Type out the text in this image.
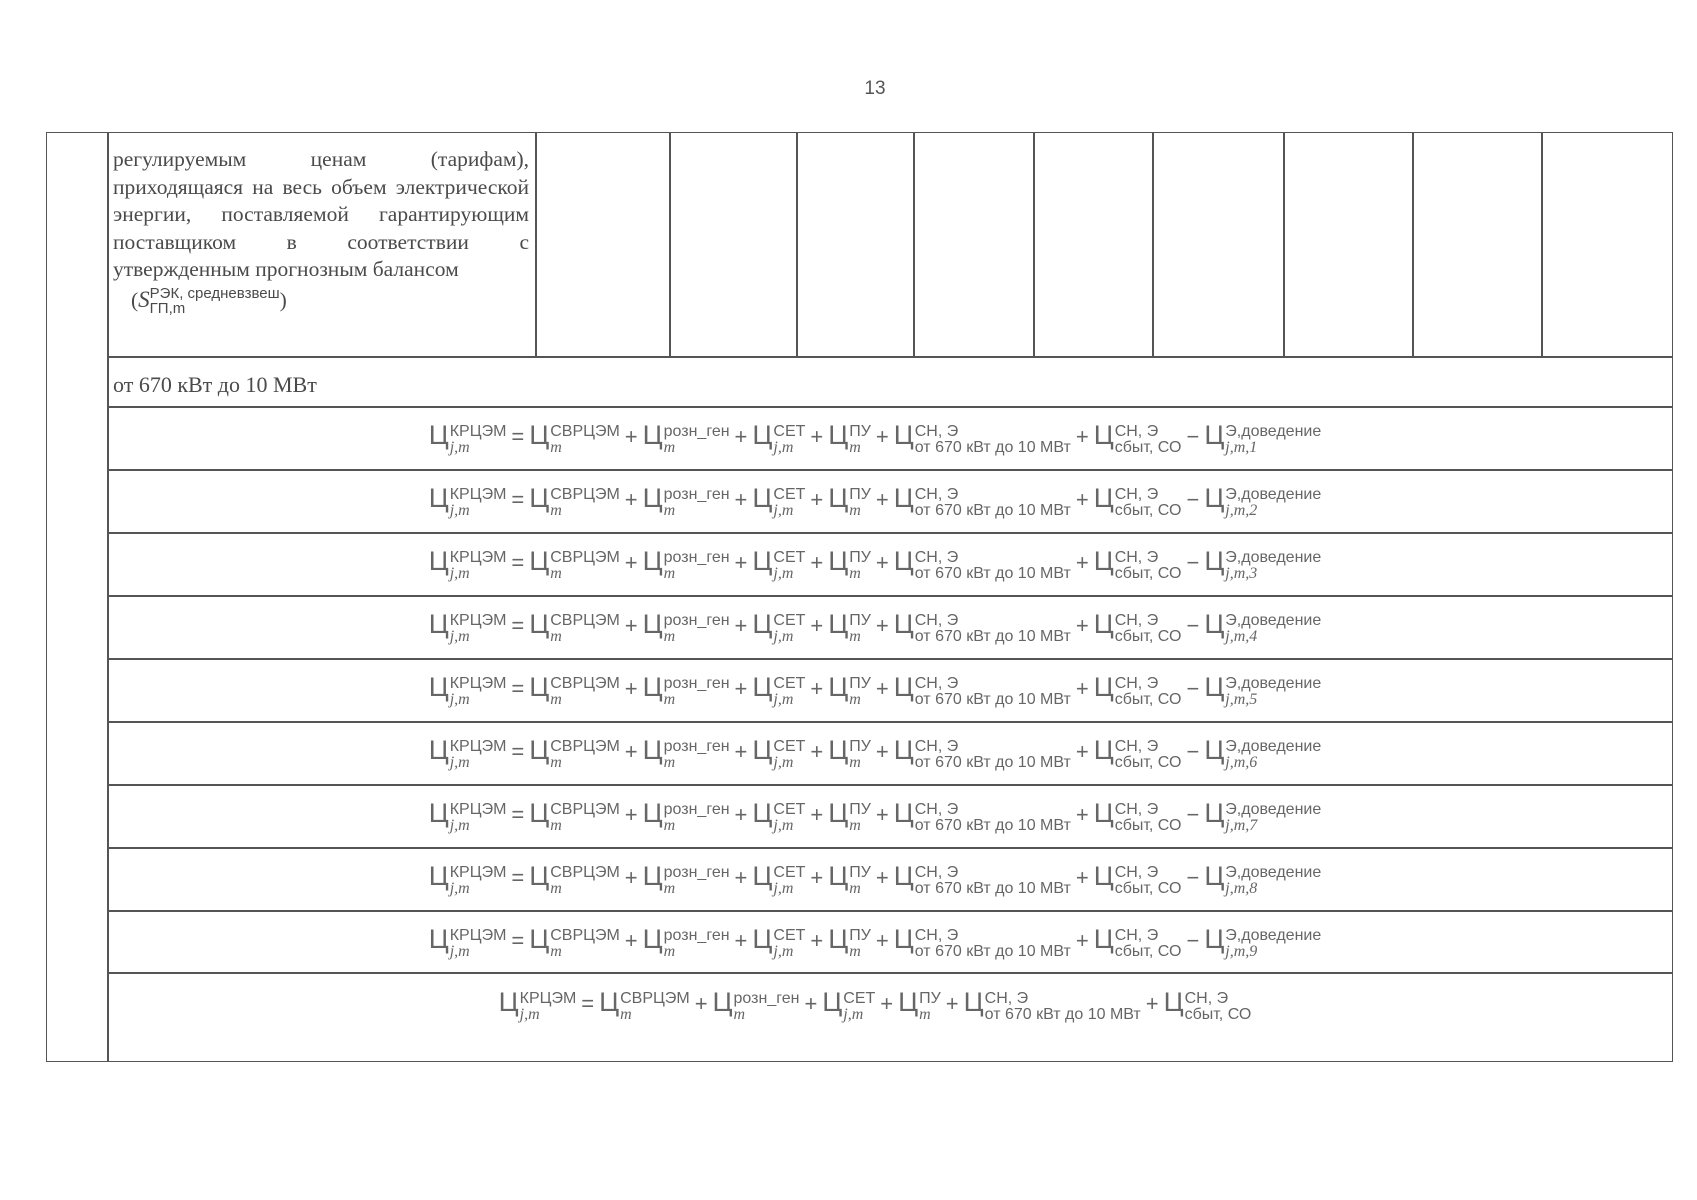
13
регулируемым ценам (тарифам), приходящаяся на весь объем электрической энергии, поставляемой гарантирующим поставщиком в соответствии с утвержденным прогнозным балансом
(S РЭК, средневзвеш
ГП,m	)
от 670 кВт до 10 МВт
Ц КРЦЭМ
j,m	= Ц СВРЦЭМ
m	+ Ц розн_ген
m	+ Ц СЕТ
j,m + Ц ПУ
m + Ц СН, Э
от 670 кВт до 10 МВт + Ц СН, Э
сбыт, СО − Ц Э,доведение
j,m,1
Ц КРЦЭМ
j,m	= Ц СВРЦЭМ
m	+ Ц розн_ген
m	+ Ц СЕТ
j,m + Ц ПУ
m + Ц СН, Э
от 670 кВт до 10 МВт + Ц СН, Э
сбыт, СО − Ц Э,доведение
j,m,2
Ц КРЦЭМ
j,m	= Ц СВРЦЭМ
m	+ Ц розн_ген
m	+ Ц СЕТ
j,m + Ц ПУ
m + Ц СН, Э
от 670 кВт до 10 МВт + Ц СН, Э
сбыт, СО − Ц Э,доведение
j,m,3
Ц КРЦЭМ
j,m	= Ц СВРЦЭМ
m	+ Ц розн_ген
m	+ Ц СЕТ
j,m + Ц ПУ
m + Ц СН, Э
от 670 кВт до 10 МВт + Ц СН, Э
сбыт, СО − Ц Э,доведение
j,m,4
Ц КРЦЭМ
j,m	= Ц СВРЦЭМ
m	+ Ц розн_ген
m	+ Ц СЕТ
j,m + Ц ПУ
m + Ц СН, Э
от 670 кВт до 10 МВт + Ц СН, Э
сбыт, СО − Ц Э,доведение
j,m,5
Ц КРЦЭМ
j,m	= Ц СВРЦЭМ
m	+ Ц розн_ген
m	+ Ц СЕТ
j,m + Ц ПУ
m + Ц СН, Э
от 670 кВт до 10 МВт + Ц СН, Э
сбыт, СО − Ц Э,доведение
j,m,6
Ц КРЦЭМ
j,m	= Ц СВРЦЭМ
m	+ Ц розн_ген
m	+ Ц СЕТ
j,m + Ц ПУ
m + Ц СН, Э
от 670 кВт до 10 МВт + Ц СН, Э
сбыт, СО − Ц Э,доведение
j,m,7
Ц КРЦЭМ
j,m	= Ц СВРЦЭМ
m	+ Ц розн_ген
m	+ Ц СЕТ
j,m + Ц ПУ
m + Ц СН, Э
от 670 кВт до 10 МВт + Ц СН, Э
сбыт, СО − Ц Э,доведение
j,m,8
Ц КРЦЭМ
j,m	= Ц СВРЦЭМ
m	+ Ц розн_ген
m	+ Ц СЕТ
j,m + Ц ПУ
m + Ц СН, Э
от 670 кВт до 10 МВт + Ц СН, Э
сбыт, СО − Ц Э,доведение
j,m,9
Ц КРЦЭМ
j,m	= Ц СВРЦЭМ
m	+ Ц розн_ген
m	+ Ц СЕТ
j,m + Ц ПУ
m + Ц СН, Э
от 670 кВт до 10 МВт + Ц СН, Э
сбыт, СО
